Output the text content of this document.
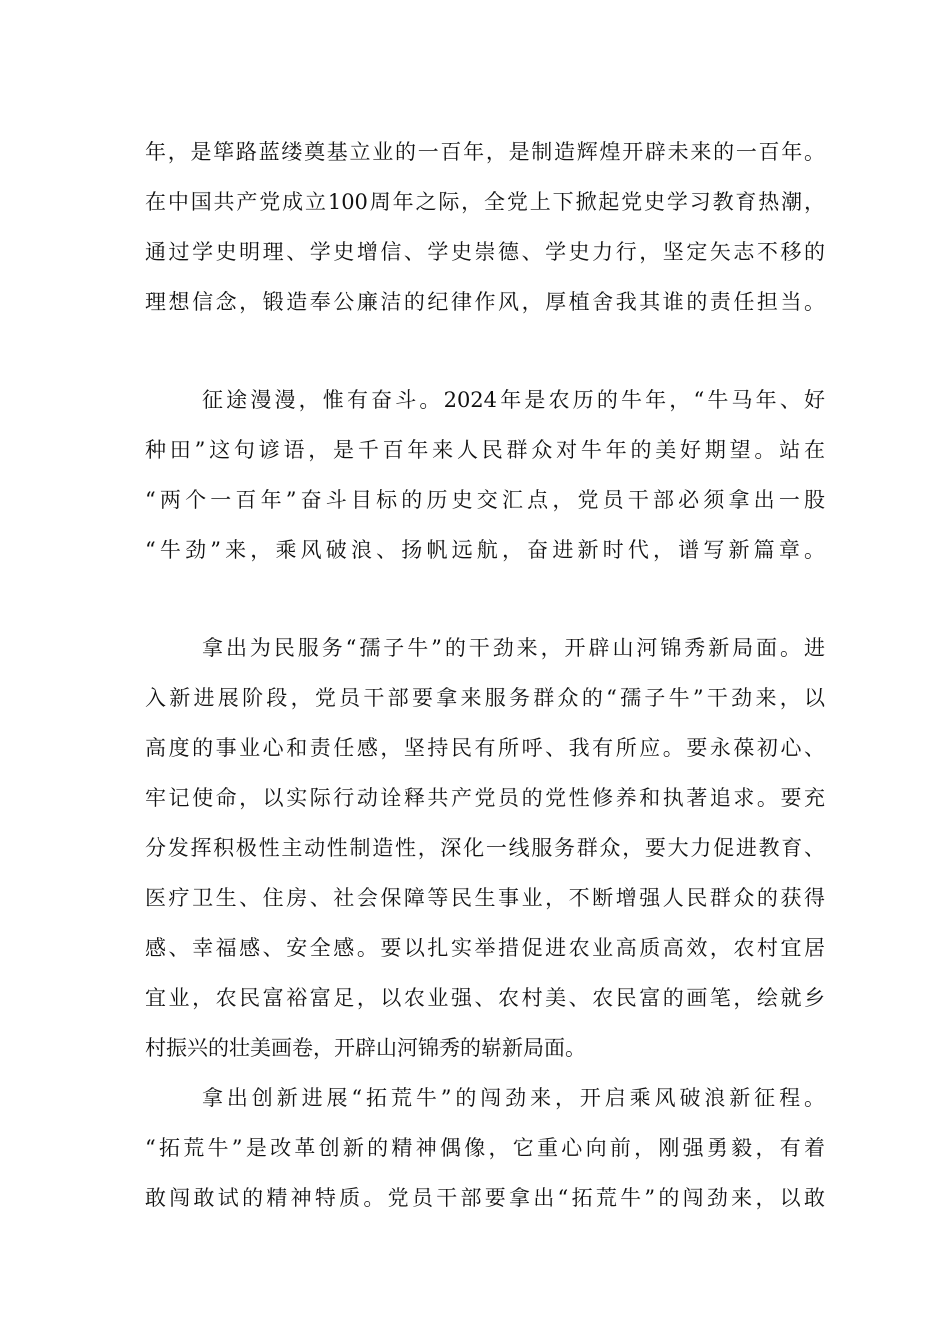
年，是筚路蓝缕奠基立业的一百年，是制造辉煌开辟未来的一百年。
在中国共产党成立100周年之际，全党上下掀起党史学习教育热潮，
通过学史明理、学史增信、学史崇德、学史力行，坚定矢志不移的
理想信念，锻造奉公廉洁的纪律作风，厚植舍我其谁的责任担当。
征途漫漫，惟有奋斗。2024年是农历的牛年，“牛马年、好
种田”这句谚语，是千百年来人民群众对牛年的美好期望。站在
“两个一百年”奋斗目标的历史交汇点，党员干部必须拿出一股
“牛劲”来，乘风破浪、扬帆远航，奋进新时代，谱写新篇章。
拿出为民服务“孺子牛”的干劲来，开辟山河锦秀新局面。进
入新进展阶段，党员干部要拿来服务群众的“孺子牛”干劲来，以
高度的事业心和责任感，坚持民有所呼、我有所应。要永葆初心、
牢记使命，以实际行动诠释共产党员的党性修养和执著追求。要充
分发挥积极性主动性制造性，深化一线服务群众，要大力促进教育、
医疗卫生、住房、社会保障等民生事业，不断增强人民群众的获得
感、幸福感、安全感。要以扎实举措促进农业高质高效，农村宜居
宜业，农民富裕富足，以农业强、农村美、农民富的画笔，绘就乡
村振兴的壮美画卷，开辟山河锦秀的崭新局面。
拿出创新进展“拓荒牛”的闯劲来，开启乘风破浪新征程。
“拓荒牛”是改革创新的精神偶像，它重心向前，刚强勇毅，有着
敢闯敢试的精神特质。党员干部要拿出“拓荒牛”的闯劲来，以敢
